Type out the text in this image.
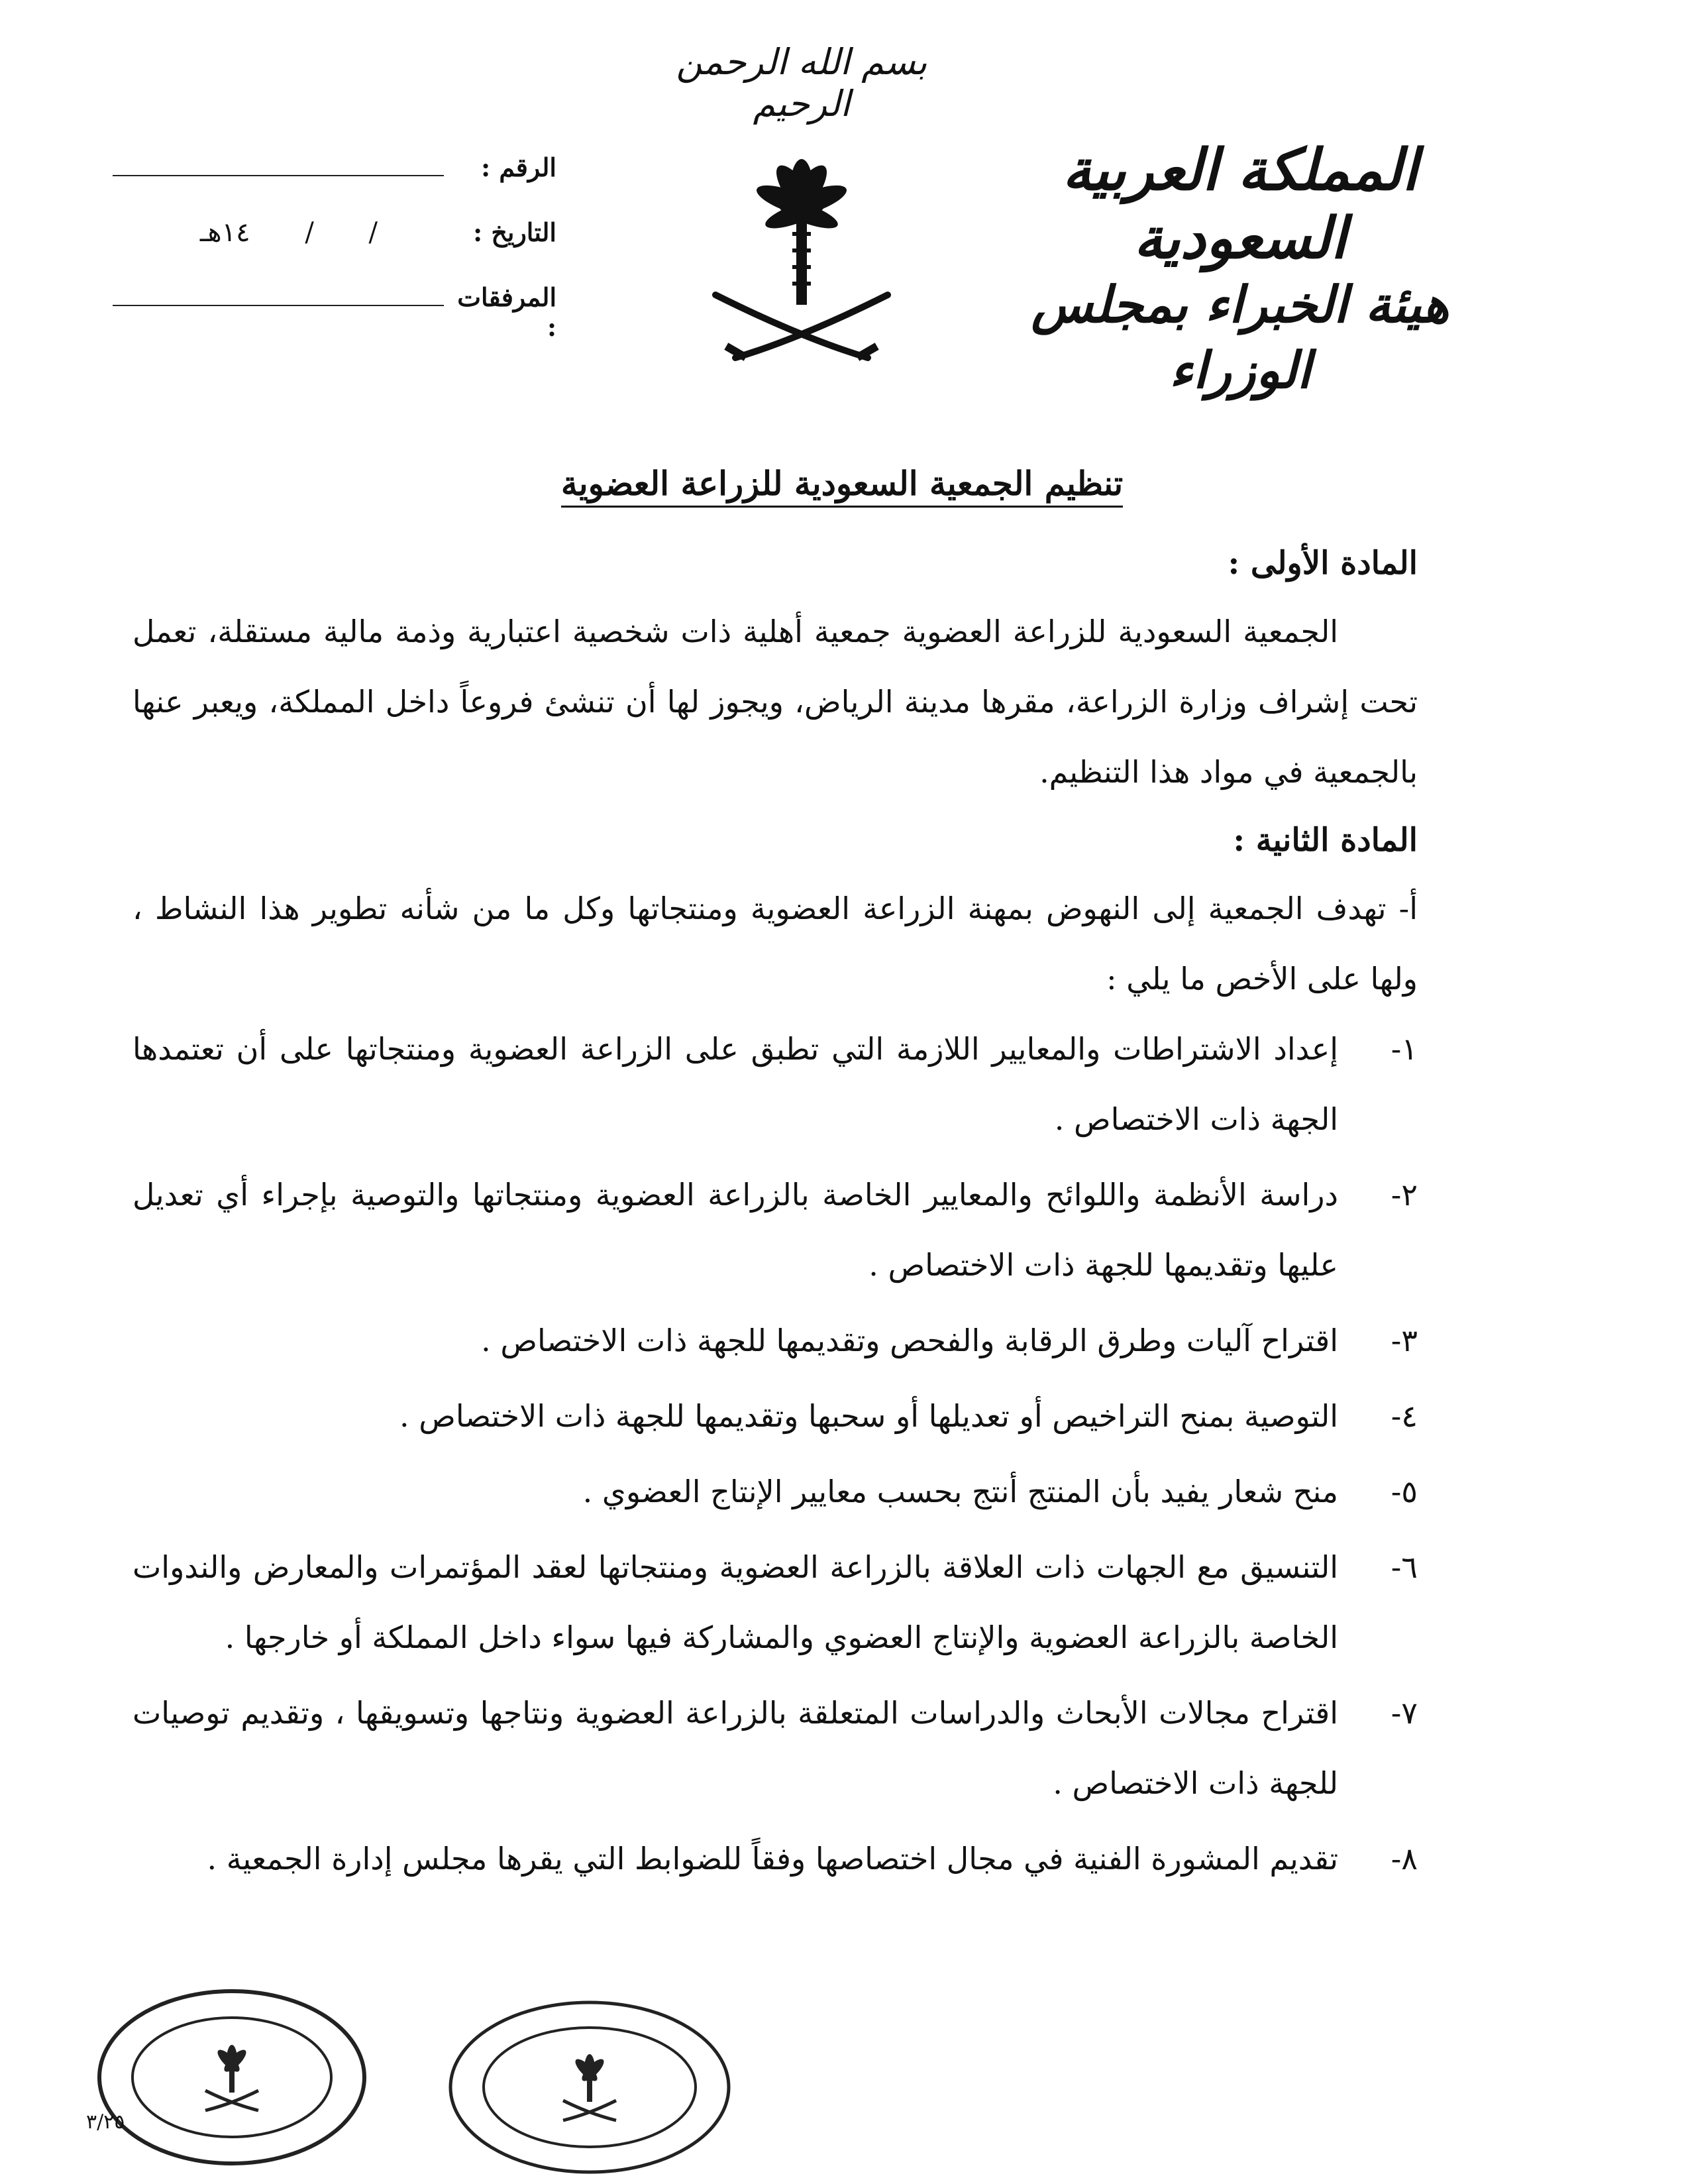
بسم الله الرحمن الرحيم
المملكة العربية السعودية
هيئة الخبراء بمجلس الوزراء
الرقم :
التاريخ :
/ / ١٤هـ
المرفقات :
تنظيم الجمعية السعودية للزراعة العضوية

المادة الأولى :

الجمعية السعودية للزراعة العضوية جمعية أهلية ذات شخصية اعتبارية وذمة مالية مستقلة، تعمل تحت إشراف وزارة الزراعة، مقرها مدينة الرياض، ويجوز لها أن تنشئ فروعاً داخل المملكة، ويعبر عنها بالجمعية في مواد هذا التنظيم.

المادة الثانية :

أ- تهدف الجمعية إلى النهوض بمهنة الزراعة العضوية ومنتجاتها وكل ما من شأنه تطوير هذا النشاط ، ولها على الأخص ما يلي :

١-
إعداد الاشتراطات والمعايير اللازمة التي تطبق على الزراعة العضوية ومنتجاتها على أن تعتمدها الجهة ذات الاختصاص .
٢-
دراسة الأنظمة واللوائح والمعايير الخاصة بالزراعة العضوية ومنتجاتها والتوصية بإجراء أي تعديل عليها وتقديمها للجهة ذات الاختصاص .
٣-
اقتراح آليات وطرق الرقابة والفحص وتقديمها للجهة ذات الاختصاص .
٤-
التوصية بمنح التراخيص أو تعديلها أو سحبها وتقديمها للجهة ذات الاختصاص .
٥-
منح شعار يفيد بأن المنتج أنتج بحسب معايير الإنتاج العضوي .
٦-
التنسيق مع الجهات ذات العلاقة بالزراعة العضوية ومنتجاتها لعقد المؤتمرات والمعارض والندوات الخاصة بالزراعة العضوية والإنتاج العضوي والمشاركة فيها سواء داخل المملكة أو خارجها .
٧-
اقتراح مجالات الأبحاث والدراسات المتعلقة بالزراعة العضوية ونتاجها وتسويقها ، وتقديم توصيات للجهة ذات الاختصاص .
٨-
تقديم المشورة الفنية في مجال اختصاصها وفقاً للضوابط التي يقرها مجلس إدارة الجمعية .
٣/٢٥
